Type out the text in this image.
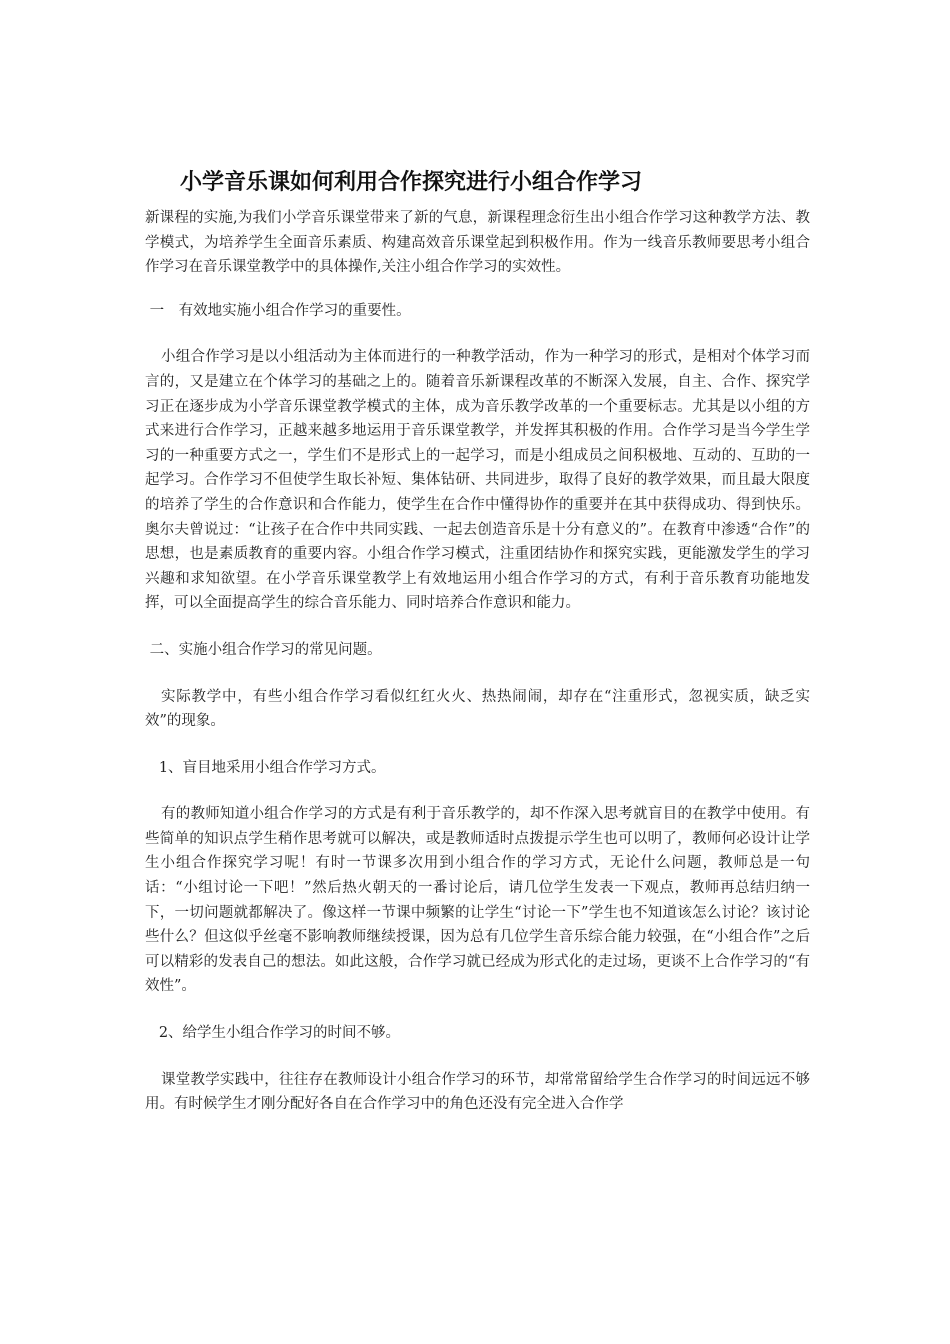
小学音乐课如何利用合作探究进行小组合作学习

新课程的实施,为我们小学音乐课堂带来了新的气息，新课程理念衍生出小组合作学习这种教学方法、教学模式，为培养学生全面音乐素质、构建高效音乐课堂起到积极作用。作为一线音乐教师要思考小组合作学习在音乐课堂教学中的具体操作,关注小组合作学习的实效性。

一　有效地实施小组合作学习的重要性。

小组合作学习是以小组活动为主体而进行的一种教学活动，作为一种学习的形式，是相对个体学习而言的，又是建立在个体学习的基础之上的。随着音乐新课程改革的不断深入发展，自主、合作、探究学习正在逐步成为小学音乐课堂教学模式的主体，成为音乐教学改革的一个重要标志。尤其是以小组的方式来进行合作学习，正越来越多地运用于音乐课堂教学，并发挥其积极的作用。合作学习是当今学生学习的一种重要方式之一，学生们不是形式上的一起学习，而是小组成员之间积极地、互动的、互助的一起学习。合作学习不但使学生取长补短、集体钻研、共同进步，取得了良好的教学效果，而且最大限度的培养了学生的合作意识和合作能力，使学生在合作中懂得协作的重要并在其中获得成功、得到快乐。奥尔夫曾说过：“让孩子在合作中共同实践、一起去创造音乐是十分有意义的”。在教育中渗透“合作”的思想，也是素质教育的重要内容。小组合作学习模式，注重团结协作和探究实践，更能激发学生的学习兴趣和求知欲望。在小学音乐课堂教学上有效地运用小组合作学习的方式，有利于音乐教育功能地发挥，可以全面提高学生的综合音乐能力、同时培养合作意识和能力。

二、实施小组合作学习的常见问题。

实际教学中，有些小组合作学习看似红红火火、热热闹闹，却存在“注重形式，忽视实质，缺乏实效”的现象。

1、盲目地采用小组合作学习方式。

有的教师知道小组合作学习的方式是有利于音乐教学的，却不作深入思考就盲目的在教学中使用。有些简单的知识点学生稍作思考就可以解决，或是教师适时点拨提示学生也可以明了，教师何必设计让学生小组合作探究学习呢！有时一节课多次用到小组合作的学习方式，无论什么问题，教师总是一句话：“小组讨论一下吧！”然后热火朝天的一番讨论后，请几位学生发表一下观点，教师再总结归纳一下，一切问题就都解决了。像这样一节课中频繁的让学生“讨论一下”学生也不知道该怎么讨论？该讨论些什么？但这似乎丝毫不影响教师继续授课，因为总有几位学生音乐综合能力较强，在“小组合作”之后可以精彩的发表自己的想法。如此这般，合作学习就已经成为形式化的走过场，更谈不上合作学习的“有效性”。

2、给学生小组合作学习的时间不够。

课堂教学实践中，往往存在教师设计小组合作学习的环节，却常常留给学生合作学习的时间远远不够用。有时候学生才刚分配好各自在合作学习中的角色还没有完全进入合作学
